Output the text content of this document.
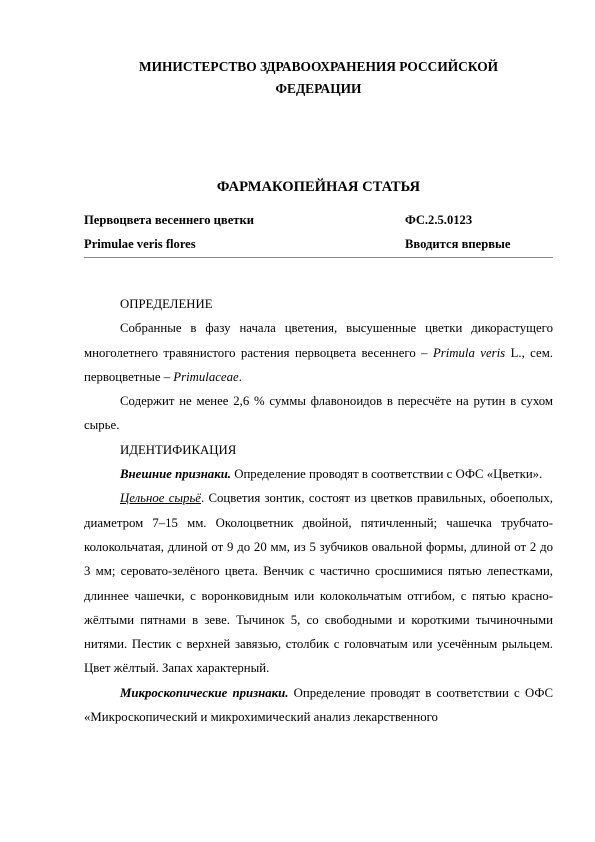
МИНИСТЕРСТВО ЗДРАВООХРАНЕНИЯ РОССИЙСКОЙ
ФЕДЕРАЦИИ
ФАРМАКОПЕЙНАЯ СТАТЬЯ
Первоцвета весеннего цветки	ФС.2.5.0123
Primulae veris flores	Вводится впервые

ОПРЕДЕЛЕНИЕ

Собранные в фазу начала цветения, высушенные цветки дикорастущего многолетнего травянистого растения первоцвета весеннего – Primula veris L., сем. первоцветные – Primulaceae.

Содержит не менее 2,6 % суммы флавоноидов в пересчёте на рутин в сухом сырье.

ИДЕНТИФИКАЦИЯ

Внешние признаки. Определение проводят в соответствии с ОФС «Цветки».

Цельное сырьё. Соцветия зонтик, состоят из цветков правильных, обоеполых, диаметром 7–15 мм. Околоцветник двойной, пятичленный; чашечка трубчато-колокольчатая, длиной от 9 до 20 мм, из 5 зубчиков овальной формы, длиной от 2 до 3 мм; серовато-зелёного цвета. Венчик с частично сросшимися пятью лепестками, длиннее чашечки, с воронковидным или колокольчатым отгибом, с пятью красно-жёлтыми пятнами в зеве. Тычинок 5, со свободными и короткими тычиночными нитями. Пестик с верхней завязью, столбик с головчатым или усечённым рыльцем. Цвет жёлтый. Запах характерный.

Микроскопические признаки. Определение проводят в соответствии с ОФС «Микроскопический и микрохимический анализ лекарственного
